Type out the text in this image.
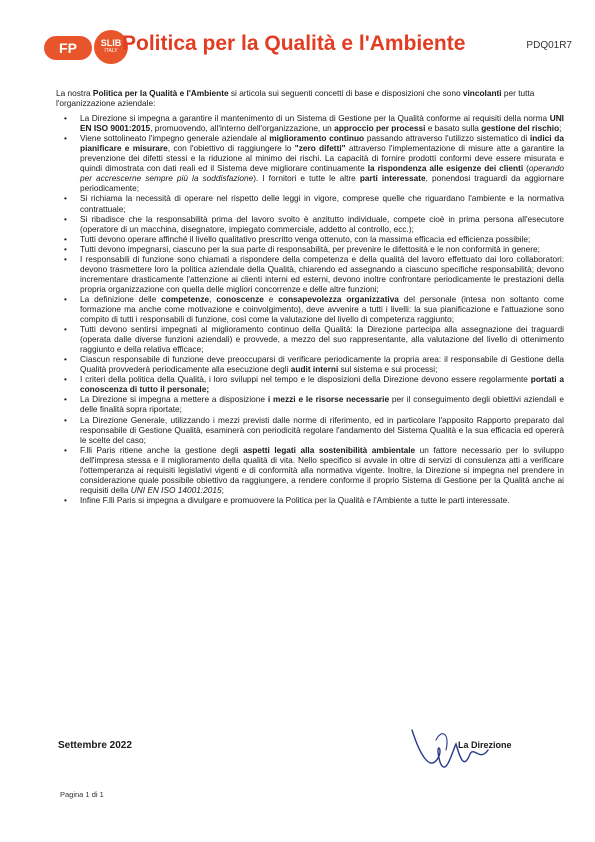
FP	SLIB
ITALY Politica per la Qualità e l'Ambiente	PDQ01R7

La nostra Politica per la Qualità e l'Ambiente si articola sui seguenti concetti di base e disposizioni che sono vincolanti per tutta l'organizzazione aziendale:

• La Direzione si impegna a garantire il mantenimento di un Sistema di Gestione per la Qualità conforme ai requisiti della norma UNI EN ISO 9001:2015, promuovendo, all'interno dell'organizzazione, un approccio per processi e basato sulla gestione del rischio;
• Viene sottolineato l'impegno generale aziendale al miglioramento continuo passando attraverso l'utilizzo sistematico di indici da pianificare e misurare, con l'obiettivo di raggiungere lo "zero difetti" attraverso l'implementazione di misure atte a garantire la prevenzione dei difetti stessi e la riduzione al minimo dei rischi. La capacità di fornire prodotti conformi deve essere misurata e quindi dimostrata con dati reali ed il Sistema deve migliorare continuamente la rispondenza alle esigenze dei clienti (operando per accrescerne sempre più la soddisfazione). I fornitori e tutte le altre parti interessate, ponendosi traguardi da aggiornare periodicamente;
• Si richiama la necessità di operare nel rispetto delle leggi in vigore, comprese quelle che riguardano l'ambiente e la normativa contrattuale;
• Si ribadisce che la responsabilità prima del lavoro svolto è anzitutto individuale, compete cioè in prima persona all'esecutore (operatore di un macchina, disegnatore, impiegato commerciale, addetto al controllo, ecc.);
• Tutti devono operare affinché il livello qualitativo prescritto venga ottenuto, con la massima efficacia ed efficienza possibile;
• Tutti devono impegnarsi, ciascuno per la sua parte di responsabilità, per prevenire le difettosità e le non conformità in genere;
• I responsabili di funzione sono chiamati a rispondere della competenza e della qualità del lavoro effettuato dai loro collaboratori: devono trasmettere loro la politica aziendale della Qualità, chiarendo ed assegnando a ciascuno specifiche responsabilità; devono incrementare drasticamente l'attenzione ai clienti interni ed esterni, devono inoltre confrontare periodicamente le prestazioni della propria organizzazione con quella delle migliori concorrenze e delle altre funzioni;
• La definizione delle competenze, conoscenze e consapevolezza organizzativa del personale (intesa non soltanto come formazione ma anche come motivazione e coinvolgimento), deve avvenire a tutti i livelli: la sua pianificazione e l'attuazione sono compito di tutti i responsabili di funzione, così come la valutazione del livello di competenza raggiunto;
• Tutti devono sentirsi impegnati al miglioramento continuo della Qualità: la Direzione partecipa alla assegnazione dei traguardi (operata dalle diverse funzioni aziendali) e provvede, a mezzo del suo rappresentante, alla valutazione del livello di ottenimento raggiunto e della relativa efficace;
• Ciascun responsabile di funzione deve preoccuparsi di verificare periodicamente la propria area: il responsabile di Gestione della Qualità provvederà periodicamente alla esecuzione degli audit interni sul sistema e sui processi;
• I criteri della politica della Qualità, i loro sviluppi nel tempo e le disposizioni della Direzione devono essere regolarmente portati a conoscenza di tutto il personale;
• La Direzione si impegna a mettere a disposizione i mezzi e le risorse necessarie per il conseguimento degli obiettivi aziendali e delle finalità sopra riportate;
• La Direzione Generale, utilizzando i mezzi previsti dalle norme di riferimento, ed in particolare l'apposito Rapporto preparato dal responsabile di Gestione Qualità, esaminerà con periodicità regolare l'andamento del Sistema Qualità e la sua efficacia ed opererà le scelte del caso;
• F.lli Paris ritiene anche la gestione degli aspetti legati alla sostenibilità ambientale un fattore necessario per lo sviluppo dell'impresa stessa e il miglioramento della qualità di vita. Nello specifico si avvale in oltre di servizi di consulenza atti a verificare l'ottemperanza ai requisiti legislativi vigenti e di conformità alla normativa vigente. Inoltre, la Direzione si impegna nel prendere in considerazione quale possibile obiettivo da raggiungere, a rendere conforme il proprio Sistema di Gestione per la Qualità anche ai requisiti della UNI EN ISO 14001:2015;
• Infine F.lli Paris si impegna a divulgare e promuovere la Politica per la Qualità e l'Ambiente a tutte le parti interessate.
Settembre 2022	La Direzione
Pagina 1 di 1
